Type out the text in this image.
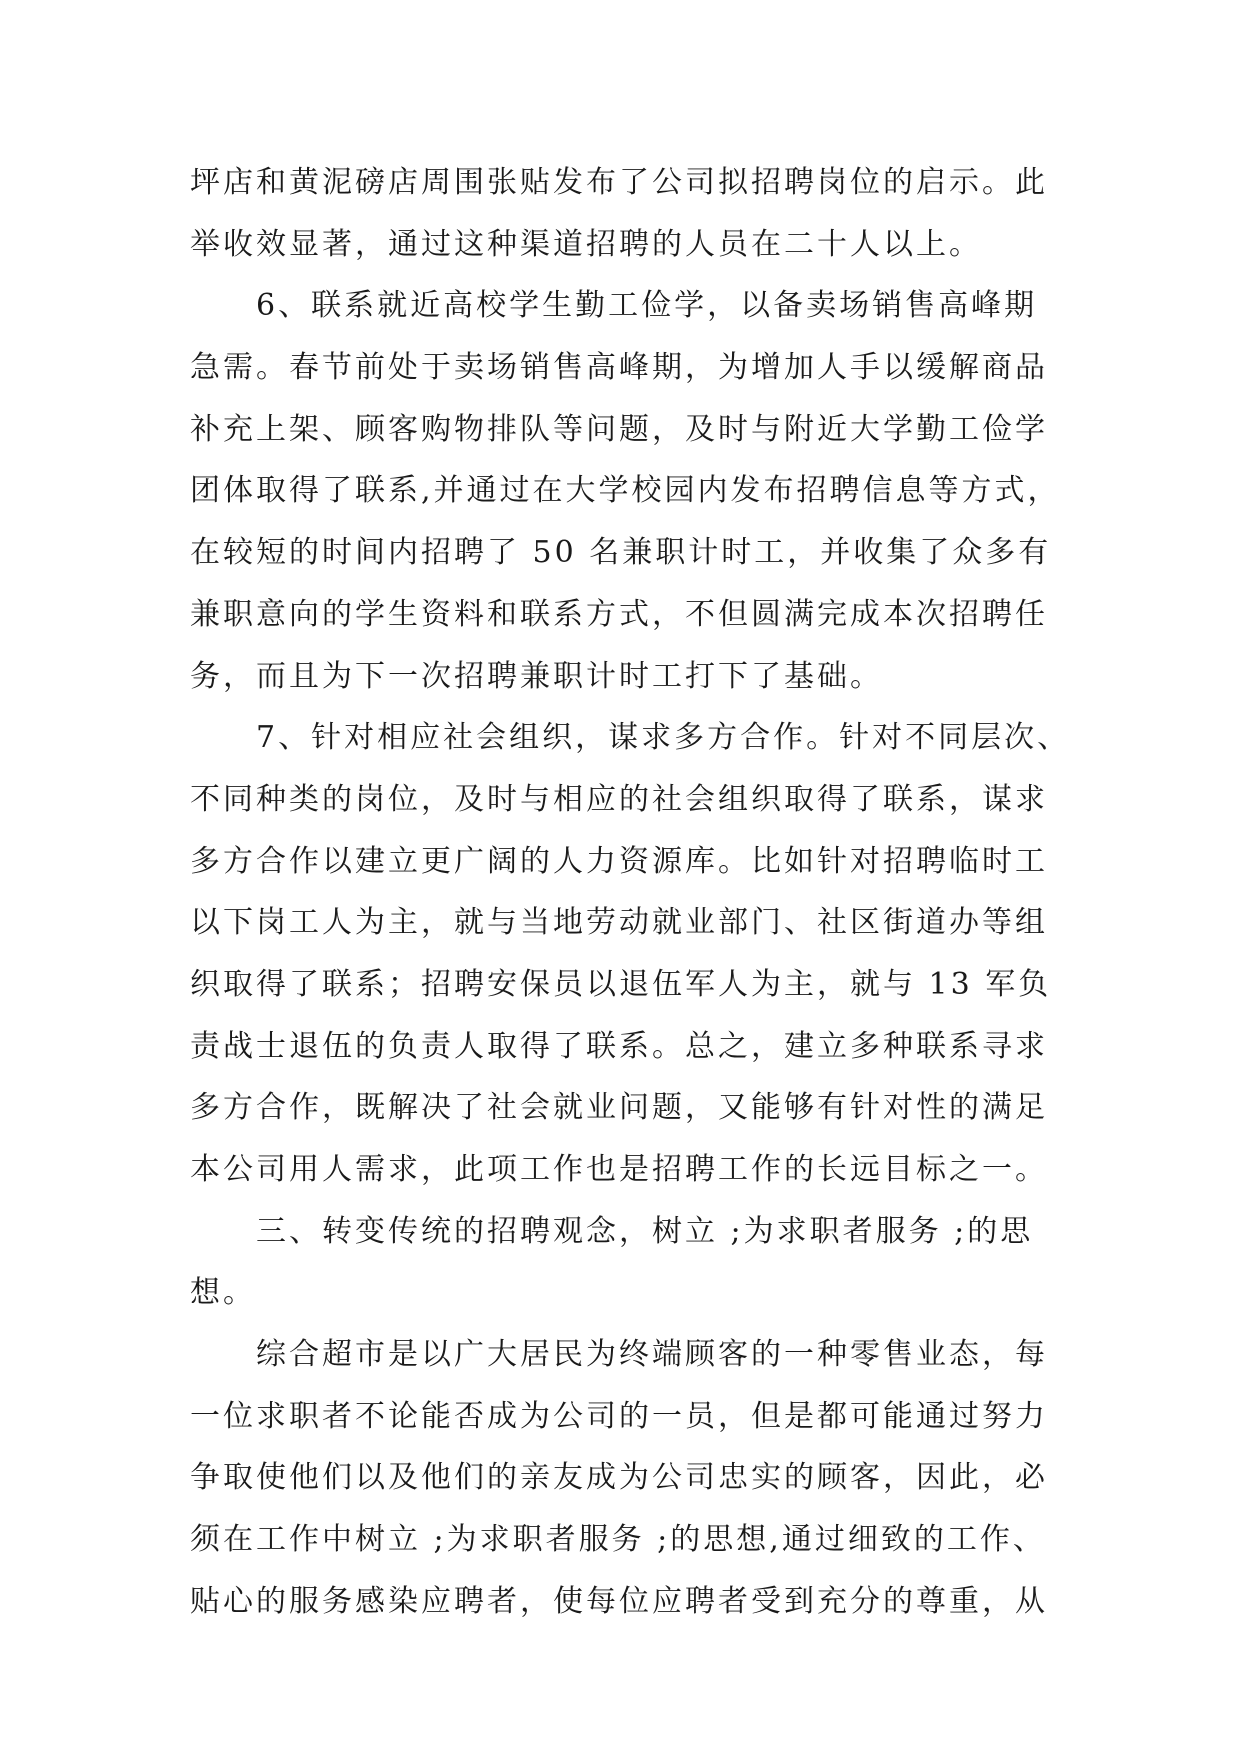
坪店和黄泥磅店周围张贴发布了公司拟招聘岗位的启示。此
举收效显著，通过这种渠道招聘的人员在二十人以上。
6、联系就近高校学生勤工俭学，以备卖场销售高峰期
急需。春节前处于卖场销售高峰期，为增加人手以缓解商品
补充上架、顾客购物排队等问题，及时与附近大学勤工俭学
团体取得了联系,并通过在大学校园内发布招聘信息等方式，
在较短的时间内招聘了 50 名兼职计时工，并收集了众多有
兼职意向的学生资料和联系方式，不但圆满完成本次招聘任
务，而且为下一次招聘兼职计时工打下了基础。
7、针对相应社会组织，谋求多方合作。针对不同层次、
不同种类的岗位，及时与相应的社会组织取得了联系，谋求
多方合作以建立更广阔的人力资源库。比如针对招聘临时工
以下岗工人为主，就与当地劳动就业部门、社区街道办等组
织取得了联系；招聘安保员以退伍军人为主，就与 13 军负
责战士退伍的负责人取得了联系。总之，建立多种联系寻求
多方合作，既解决了社会就业问题，又能够有针对性的满足
本公司用人需求，此项工作也是招聘工作的长远目标之一。
三、转变传统的招聘观念，树立 ;为求职者服务 ;的思
想。
综合超市是以广大居民为终端顾客的一种零售业态，每
一位求职者不论能否成为公司的一员，但是都可能通过努力
争取使他们以及他们的亲友成为公司忠实的顾客，因此，必
须在工作中树立 ;为求职者服务 ;的思想,通过细致的工作、
贴心的服务感染应聘者，使每位应聘者受到充分的尊重，从
